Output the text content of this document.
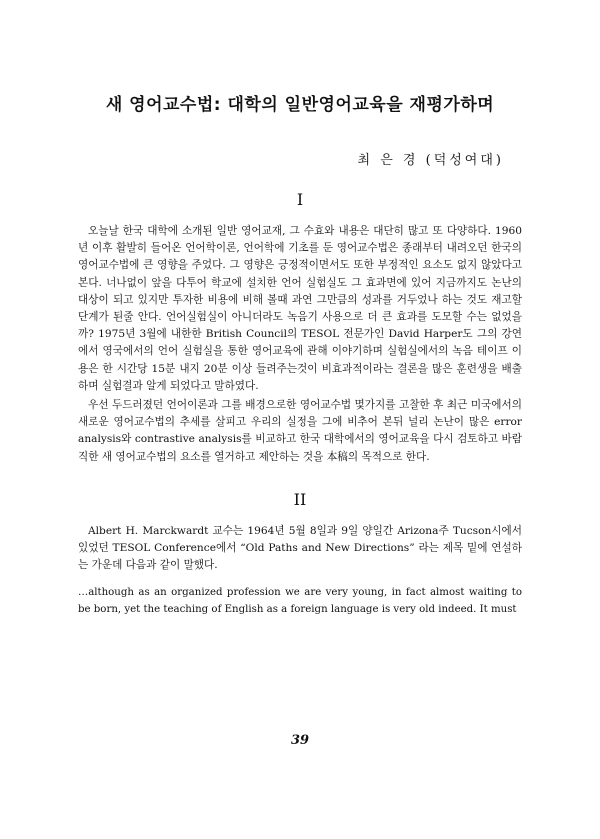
새 영어교수법: 대학의 일반영어교육을 재평가하며
최 은 경 (덕성여대)
I

오늘날 한국 대학에 소개된 일반 영어교재, 그 수효와 내용은 대단히 많고 또 다양하다. 1960년 이후 활발히 들어온 언어학이론, 언어학에 기초를 둔 영어교수법은 종래부터 내려오던 한국의 영어교수법에 큰 영향을 주었다. 그 영향은 긍정적이면서도 또한 부정적인 요소도 없지 않았다고 본다. 너나없이 앞을 다투어 학교에 설치한 언어 실험실도 그 효과면에 있어 지금까지도 논난의 대상이 되고 있지만 투자한 비용에 비해 볼때 과연 그만큼의 성과를 거두었나 하는 것도 재고할 단계가 된줄 안다. 언어실험실이 아니더라도 녹음기 사용으로 더 큰 효과를 도모할 수는 없었을까? 1975년 3월에 내한한 British Council의 TESOL 전문가인 David Harper도 그의 강연에서 영국에서의 언어 실험실을 통한 영어교육에 관해 이야기하며 실험실에서의 녹음 테이프 이용은 한 시간당 15분 내지 20분 이상 들려주는것이 비효과적이라는 결론을 많은 훈련생을 배출하며 실험결과 알게 되었다고 말하였다.

우선 두드러졌던 언어이론과 그를 배경으로한 영어교수법 몇가지를 고찰한 후 최근 미국에서의 새로운 영어교수법의 추세를 살피고 우리의 실정을 그에 비추어 본뒤 널리 논난이 많은 error analysis와 contrastive analysis를 비교하고 한국 대학에서의 영어교육을 다시 검토하고 바람직한 새 영어교수법의 요소를 열거하고 제안하는 것을 本稿의 목적으로 한다.

II

Albert H. Marckwardt 교수는 1964년 5월 8일과 9일 양일간 Arizona주 Tucson시에서 있었던 TESOL Conference에서 “Old Paths and New Directions” 라는 제목 밑에 연설하는 가운데 다음과 같이 말했다.

…although as an organized profession we are very young, in fact almost waiting to be born, yet the teaching of English as a foreign language is very old indeed. It must

39
